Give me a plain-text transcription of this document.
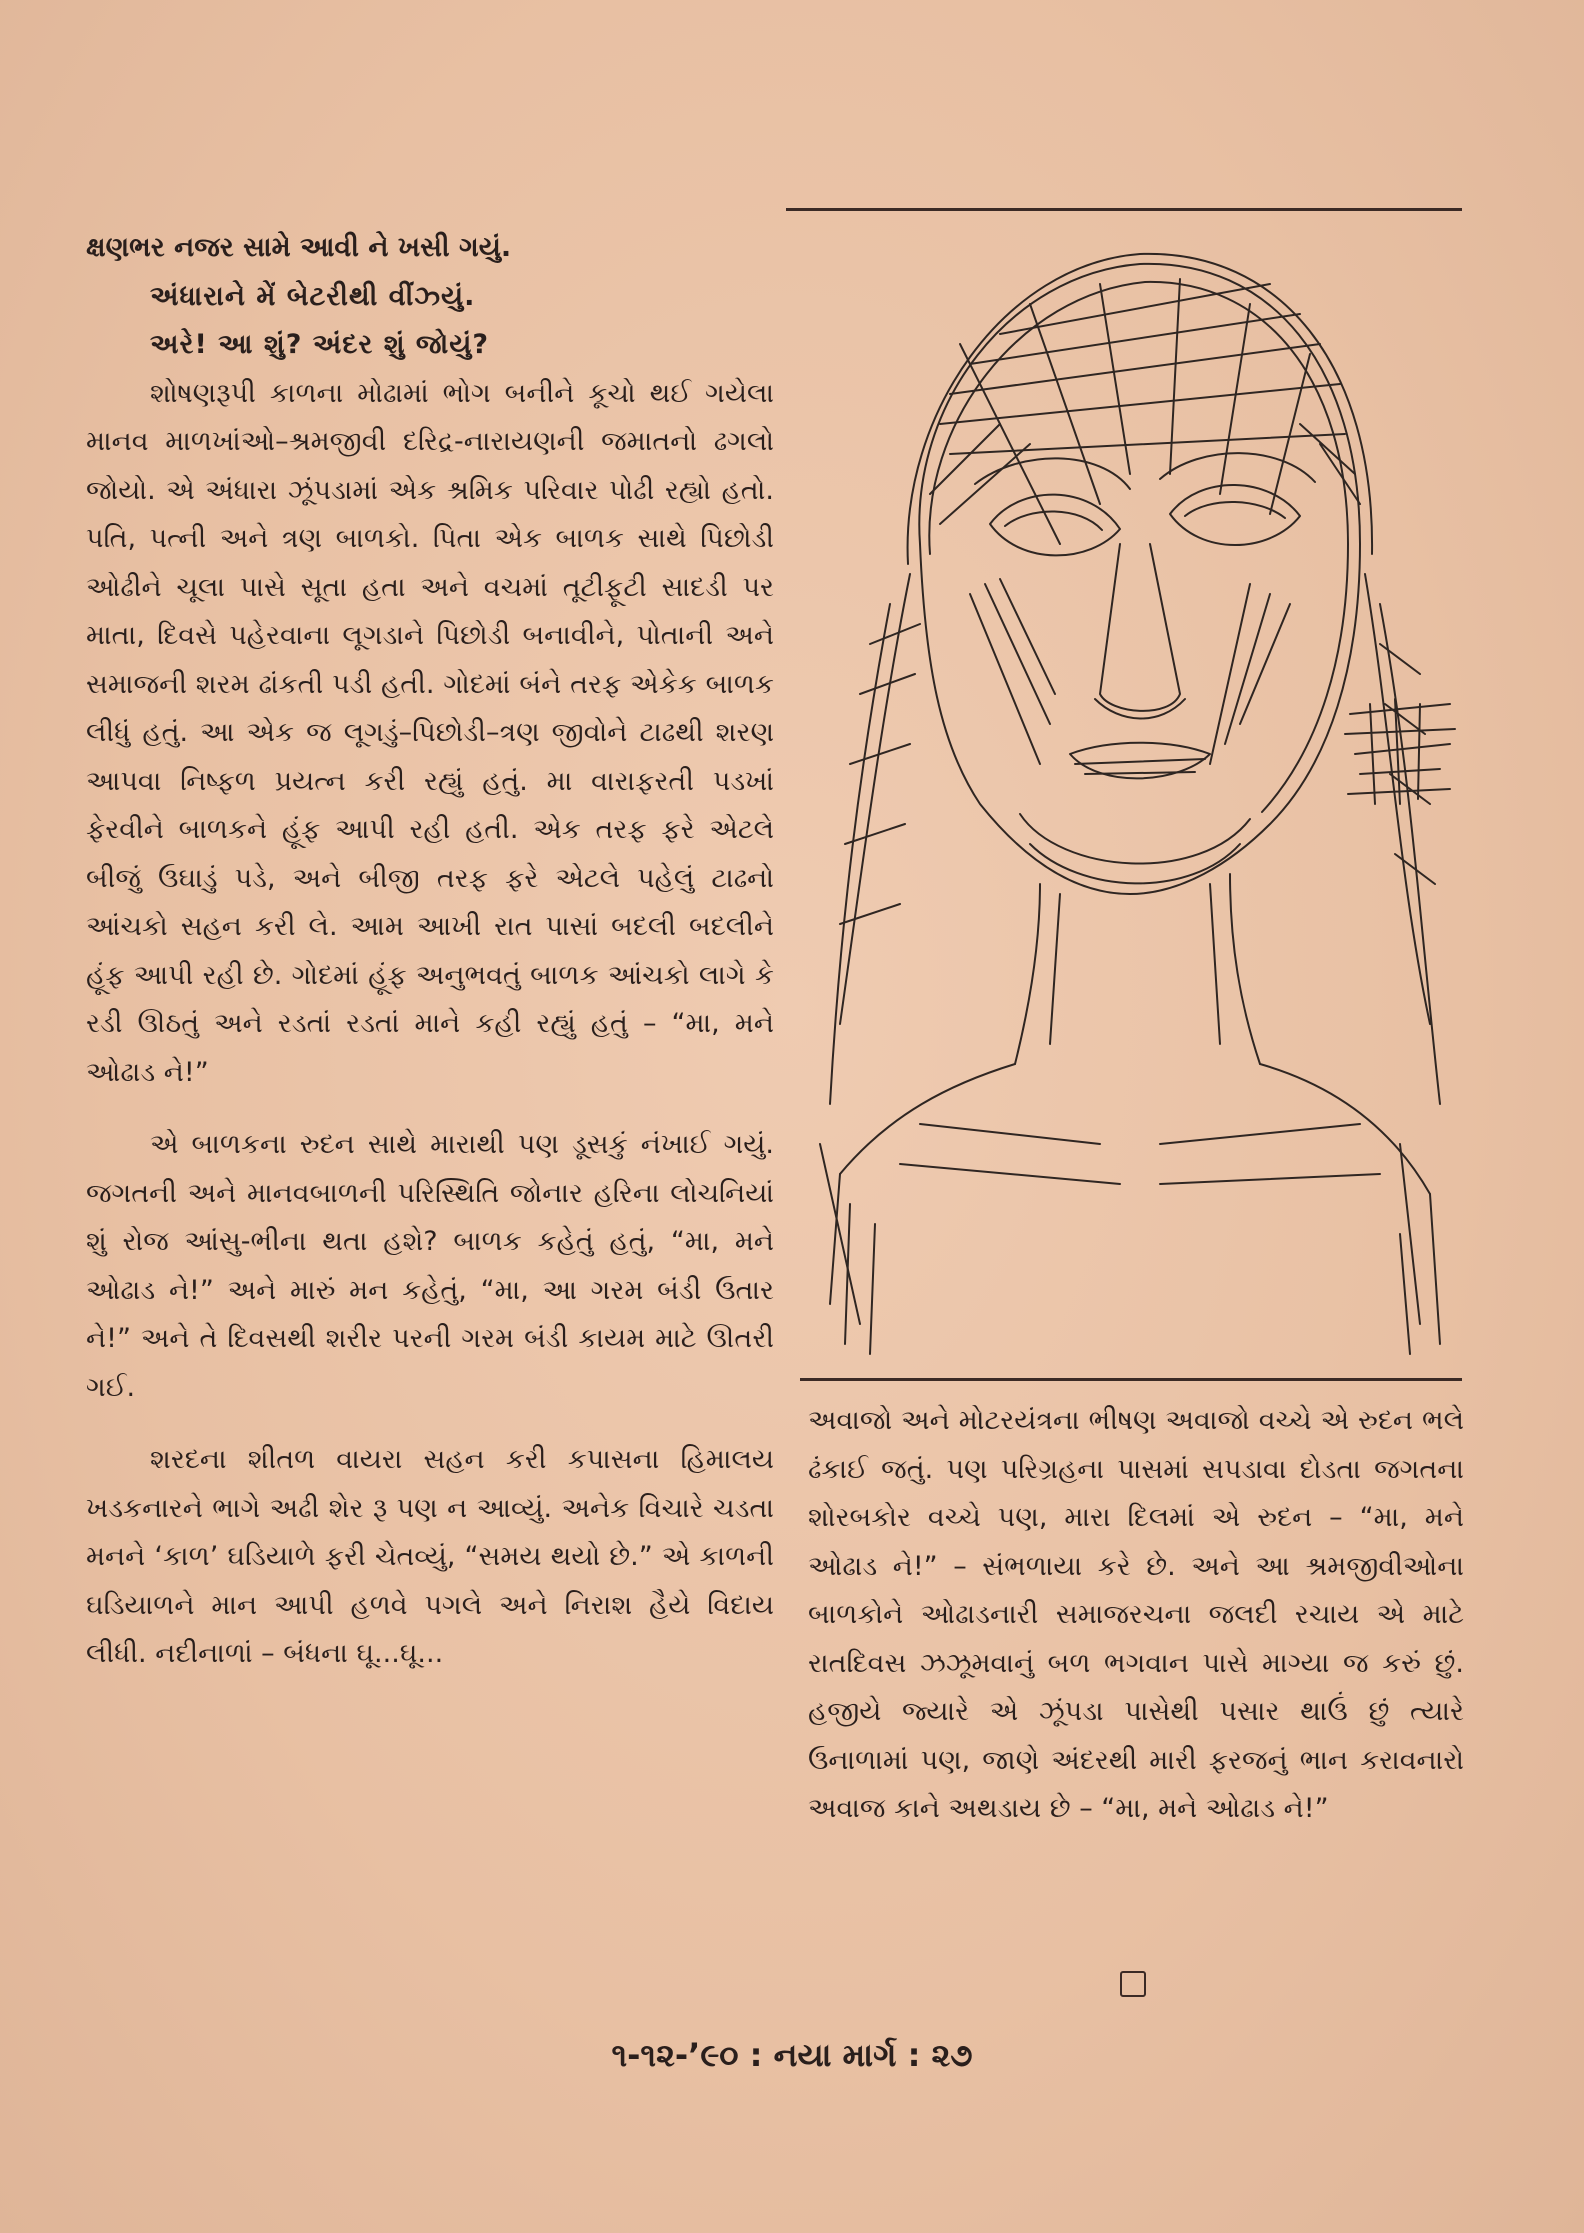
ક્ષણભર નજર સામે આવી ને ખસી ગયું.

અંધારાને મેં બેટરીથી વીંઝ્યું.

અરે! આ શું? અંદર શું જોયું?

શોષણરૂપી કાળના મોઢામાં ભોગ બનીને કૂચો થઈ ગયેલા માનવ માળખાંઓ–શ્રમજીવી દરિદ્ર-નારાયણની જમાતનો ઢગલો જોયો. એ અંધારા ઝૂંપડામાં એક શ્રમિક પરિવાર પોઢી રહ્યો હતો. પતિ, પત્ની અને ત્રણ બાળકો. પિતા એક બાળક સાથે પિછોડી ઓઢીને ચૂલા પાસે સૂતા હતા અને વચમાં તૂટીફૂટી સાદડી પર માતા, દિવસે પહેરવાના લૂગડાને પિછોડી બનાવીને, પોતાની અને સમાજની શરમ ઢાંકતી પડી હતી. ગોદમાં બંને તરફ એકેક બાળક લીધું હતું. આ એક જ લૂગડું–પિછોડી–ત્રણ જીવોને ટાઢથી શરણ આપવા નિષ્ફળ પ્રયત્ન કરી રહ્યું હતું. મા વારાફરતી પડખાં ફેરવીને બાળકને હૂંફ આપી રહી હતી. એક તરફ ફરે એટલે બીજું ઉઘાડું પડે, અને બીજી તરફ ફરે એટલે પહેલું ટાઢનો આંચકો સહન કરી લે. આમ આખી રાત પાસાં બદલી બદલીને હૂંફ આપી રહી છે. ગોદમાં હૂંફ અનુભવતું બાળક આંચકો લાગે કે રડી ઊઠતું અને રડતાં રડતાં માને કહી રહ્યું હતું – “મા, મને ઓઢાડ ને!”

એ બાળકના રુદન સાથે મારાથી પણ ડૂસકું નંખાઈ ગયું. જગતની અને માનવબાળની પરિસ્થિતિ જોનાર હરિના લોચનિયાં શું રોજ આંસુ-ભીના થતા હશે? બાળક કહેતું હતું, “મા, મને ઓઢાડ ને!” અને મારું મન કહેતું, “મા, આ ગરમ બંડી ઉતાર ને!” અને તે દિવસથી શરીર પરની ગરમ બંડી કાયમ માટે ઊતરી ગઈ.

શરદના શીતળ વાયરા સહન કરી કપાસના હિમાલય ખડકનારને ભાગે અઢી શેર રૂ પણ ન આવ્યું. અનેક વિચારે ચડતા મનને ‘કાળ’ ઘડિયાળે ફરી ચેતવ્યું, “સમય થયો છે.” એ કાળની ઘડિયાળને માન આપી હળવે પગલે અને નિરાશ હૈયે વિદાય લીધી. નદીનાળાં – બંધના ઘૂ...ઘૂ...

અવાજો અને મોટરયંત્રના ભીષણ અવાજો વચ્ચે એ રુદન ભલે ઢંકાઈ જતું. પણ પરિગ્રહના પાસમાં સપડાવા દોડતા જગતના શોરબકોર વચ્ચે પણ, મારા દિલમાં એ રુદન – “મા, મને ઓઢાડ ને!” – સંભળાયા કરે છે. અને આ શ્રમજીવીઓના બાળકોને ઓઢાડનારી સમાજરચના જલદી રચાય એ માટે રાતદિવસ ઝઝૂમવાનું બળ ભગવાન પાસે માગ્યા જ કરું છું. હજીયે જ્યારે એ ઝૂંપડા પાસેથી પસાર થાઉં છું ત્યારે ઉનાળામાં પણ, જાણે અંદરથી મારી ફરજનું ભાન કરાવનારો અવાજ કાને અથડાય છે – “મા, મને ઓઢાડ ને!”

૧-૧૨-’૯૦ : નયા માર્ગ : ૨૭
